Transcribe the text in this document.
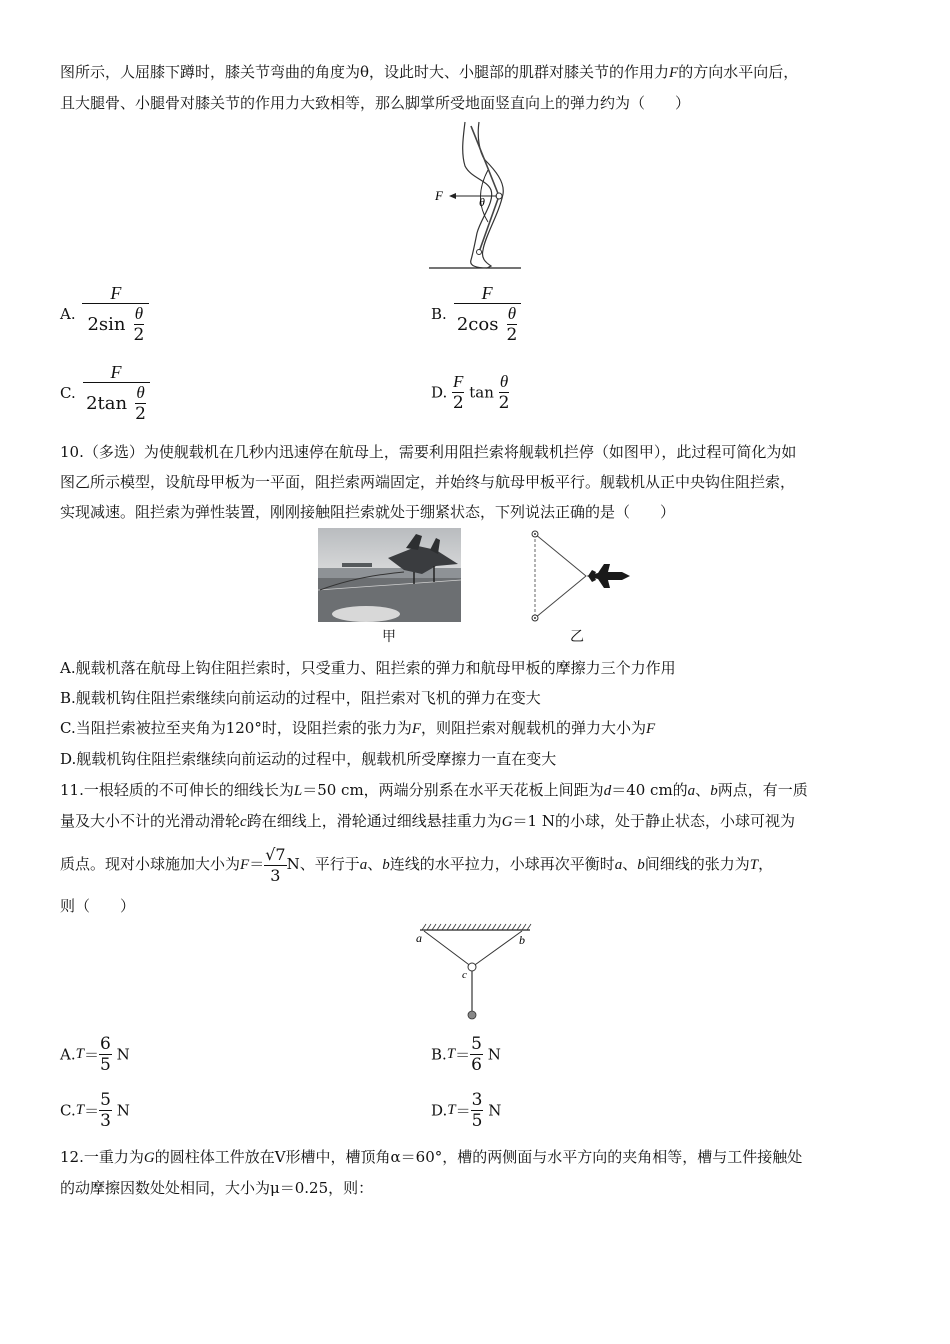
图所示，人屈膝下蹲时，膝关节弯曲的角度为θ，设此时大、小腿部的肌群对膝关节的作用力F的方向水平向后，
且大腿骨、小腿骨对膝关节的作用力大致相等，那么脚掌所受地面竖直向上的弹力约为（　　）
F	θ
A. $\frac{F}{2\sin \frac{\theta}{2}}$	B. $\frac{F}{2\cos \frac{\theta}{2}}$
C. $\frac{F}{2\tan \frac{\theta}{2}}$	D. $\frac{F}{2}$ $\tan \frac{\theta}{2}$
10.（多选）为使舰载机在几秒内迅速停在航母上，需要利用阻拦索将舰载机拦停（如图甲），此过程可简化为如
图乙所示模型，设航母甲板为一平面，阻拦索两端固定，并始终与航母甲板平行。舰载机从正中央钩住阻拦索，
实现减速。阻拦索为弹性装置，刚刚接触阻拦索就处于绷紧状态，下列说法正确的是（　　）
甲	乙
A.舰载机落在航母上钩住阻拦索时，只受重力、阻拦索的弹力和航母甲板的摩擦力三个力作用
B.舰载机钩住阻拦索继续向前运动的过程中，阻拦索对飞机的弹力在变大
C.当阻拦索被拉至夹角为120°时，设阻拦索的张力为F，则阻拦索对舰载机的弹力大小为F
D.舰载机钩住阻拦索继续向前运动的过程中，舰载机所受摩擦力一直在变大
11.一根轻质的不可伸长的细线长为L＝50 cm，两端分别系在水平天花板上间距为d＝40 cm的a、b两点，有一质
量及大小不计的光滑动滑轮c跨在细线上，滑轮通过细线悬挂重力为G＝1 N的小球，处于静止状态，小球可视为
质点。现对小球施加大小为$F= \frac{√7}{3}$ N、平行于a、b连线的水平拉力，小球再次平衡时a、b间细线的张力为T，
则（　　）
a	b
c
$A.T= \frac{6}{5}$ N	$B.T= \frac{5}{6}$ N
$C.T= \frac{5}{3}$ N	$D.T= \frac{3}{5}$ N
12.一重力为G的圆柱体工件放在V形槽中，槽顶角α＝60°，槽的两侧面与水平方向的夹角相等，槽与工件接触处
的动摩擦因数处处相同，大小为μ＝0.25，则：
